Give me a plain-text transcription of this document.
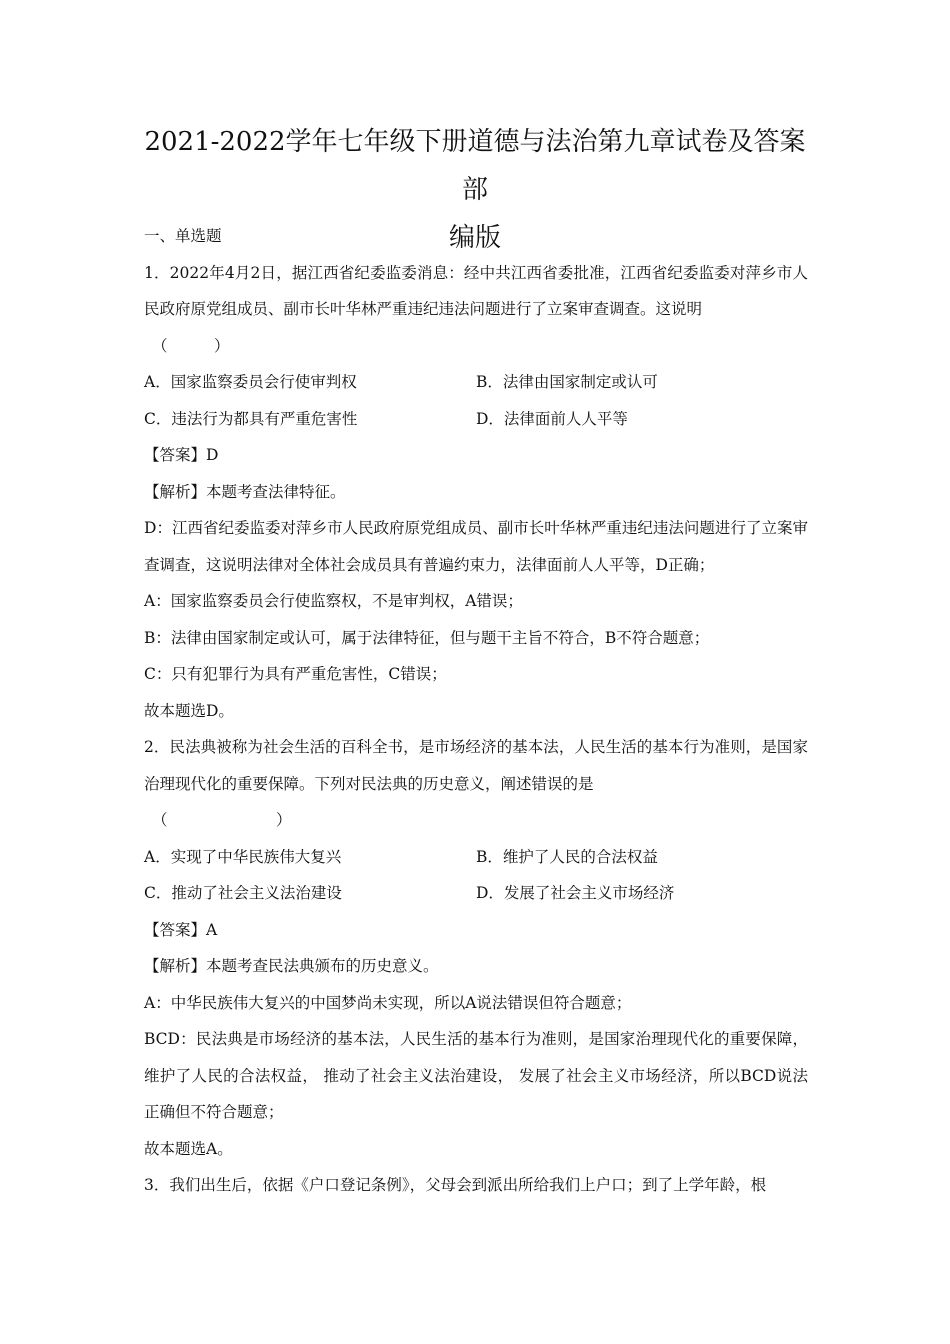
2021-2022学年七年级下册道德与法治第九章试卷及答案部
编版

一、单选题

1．2022年4月2日，据江西省纪委监委消息：经中共江西省委批准，江西省纪委监委对萍乡市人民政府原党组成员、副市长叶华林严重违纪违法问题进行了立案审查调查。这说明

（　　　）

A．国家监察委员会行使审判权	B．法律由国家制定或认可
C．违法行为都具有严重危害性	D．法律面前人人平等

【答案】D

【解析】本题考查法律特征。

D：江西省纪委监委对萍乡市人民政府原党组成员、副市长叶华林严重违纪违法问题进行了立案审查调查，这说明法律对全体社会成员具有普遍约束力，法律面前人人平等，D正确；

A：国家监察委员会行使监察权，不是审判权，A错误；

B：法律由国家制定或认可，属于法律特征，但与题干主旨不符合，B不符合题意；

C：只有犯罪行为具有严重危害性，C错误；

故本题选D。

2．民法典被称为社会生活的百科全书，是市场经济的基本法，人民生活的基本行为准则，是国家治理现代化的重要保障。下列对民法典的历史意义，阐述错误的是

（　　　　　　　）

A．实现了中华民族伟大复兴	B．维护了人民的合法权益
C．推动了社会主义法治建设	D．发展了社会主义市场经济

【答案】A

【解析】本题考查民法典颁布的历史意义。

A：中华民族伟大复兴的中国梦尚未实现，所以A说法错误但符合题意；

BCD：民法典是市场经济的基本法，人民生活的基本行为准则，是国家治理现代化的重要保障，维护了人民的合法权益， 推动了社会主义法治建设， 发展了社会主义市场经济，所以BCD说法正确但不符合题意；

故本题选A。

3．我们出生后，依据《户口登记条例》，父母会到派出所给我们上户口；到了上学年龄，根
